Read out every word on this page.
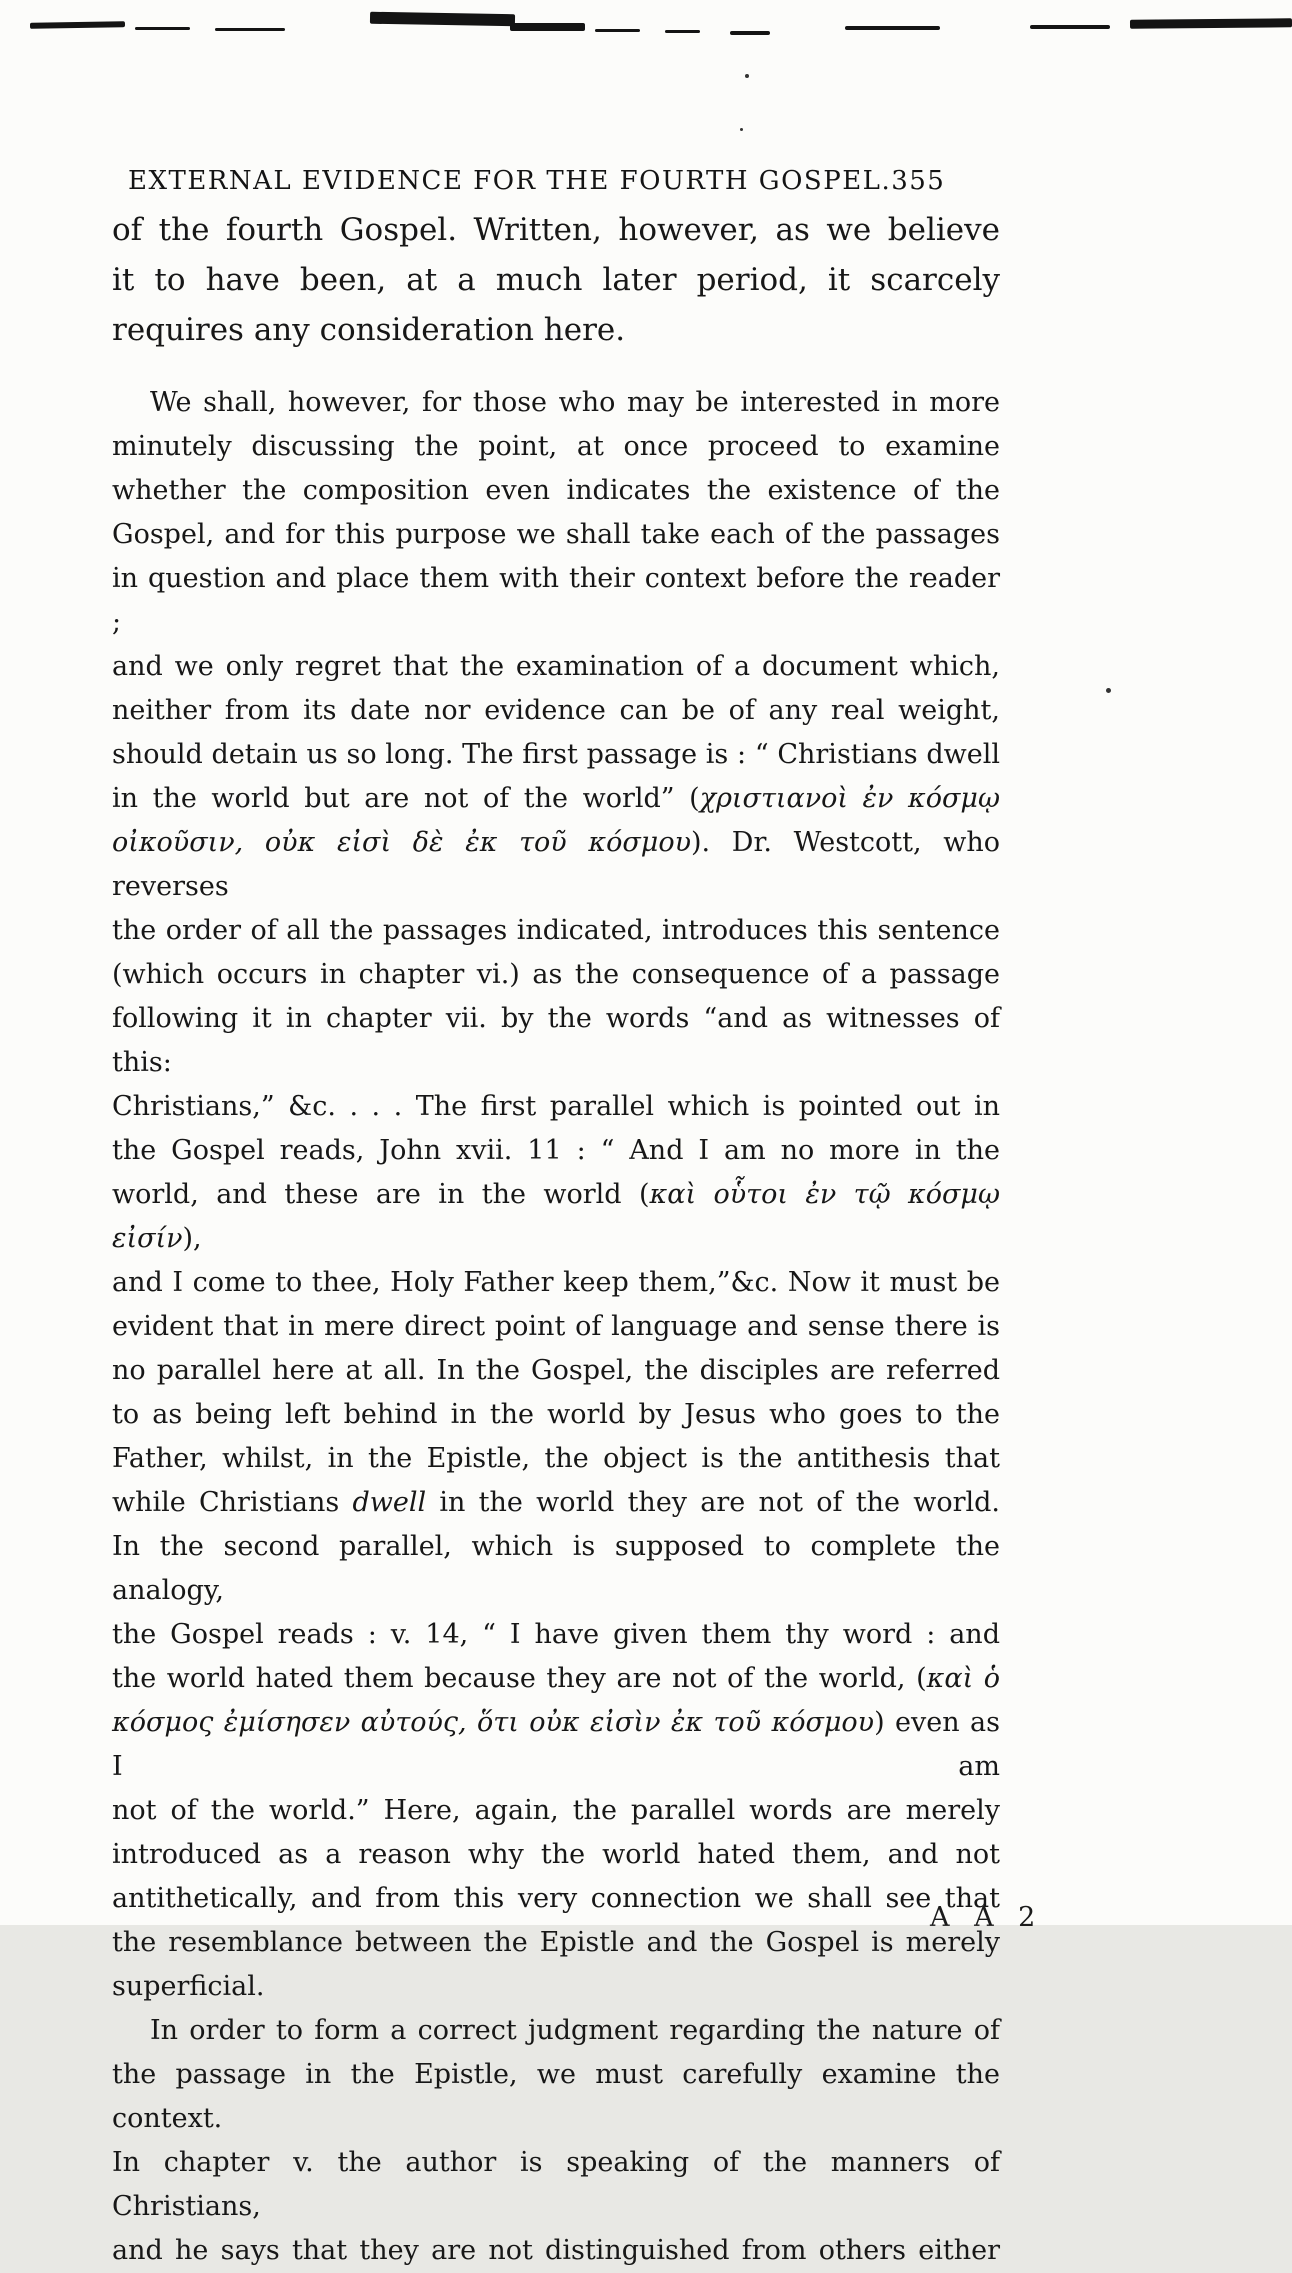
EXTERNAL EVIDENCE FOR THE FOURTH GOSPEL. 355
of the fourth Gospel. Written, however, as we believe
it to have been, at a much later period, it scarcely
requires any consideration here.
We shall, however, for those who may be interested in more
minutely discussing the point, at once proceed to examine
whether the composition even indicates the existence of the
Gospel, and for this purpose we shall take each of the passages
in question and place them with their context before the reader ;
and we only regret that the examination of a document which,
neither from its date nor evidence can be of any real weight,
should detain us so long. The first passage is : “ Christians dwell
in the world but are not of the world” (χριστιανοὶ ἐν κόσμῳ
οἰκοῦσιν, οὐκ εἰσὶ δὲ ἐκ τοῦ κόσμου). Dr. Westcott, who reverses
the order of all the passages indicated, introduces this sentence
(which occurs in chapter vi.) as the consequence of a passage
following it in chapter vii. by the words “and as witnesses of this:
Christians,” &c. . . . The first parallel which is pointed out in
the Gospel reads, John xvii. 11 : “ And I am no more in the
world, and these are in the world (καὶ οὗτοι ἐν τῷ κόσμῳ εἰσίν),
and I come to thee, Holy Father keep them,”&c. Now it must be
evident that in mere direct point of language and sense there is
no parallel here at all. In the Gospel, the disciples are referred
to as being left behind in the world by Jesus who goes to the
Father, whilst, in the Epistle, the object is the antithesis that
while Christians dwell in the world they are not of the world.
In the second parallel, which is supposed to complete the analogy,
the Gospel reads : v. 14, “ I have given them thy word : and
the world hated them because they are not of the world, (καὶ ὁ
κόσμος ἐμίσησεν αὐτούς, ὅτι οὐκ εἰσὶν ἐκ τοῦ κόσμου) even as I am
not of the world.” Here, again, the parallel words are merely
introduced as a reason why the world hated them, and not
antithetically, and from this very connection we shall see that
the resemblance between the Epistle and the Gospel is merely
superficial.
In order to form a correct judgment regarding the nature of
the passage in the Epistle, we must carefully examine the context.
In chapter v. the author is speaking of the manners of Christians,
and he says that they are not distinguished from others either
A A 2
